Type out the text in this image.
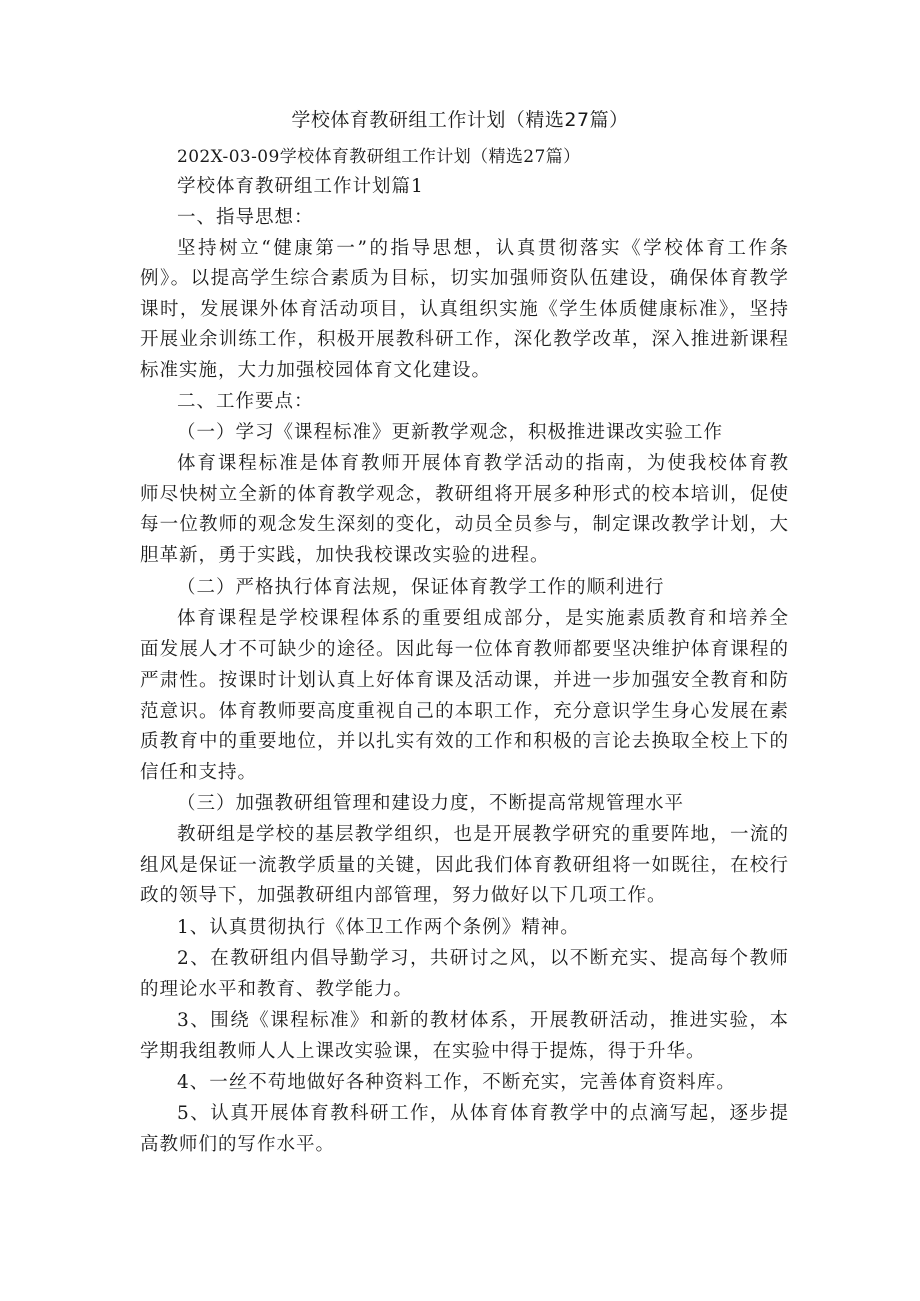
学校体育教研组工作计划（精选27篇）
202X-03-09学校体育教研组工作计划（精选27篇）
学校体育教研组工作计划篇1
一、指导思想：
坚持树立“健康第一”的指导思想，认真贯彻落实《学校体育工作条
例》。以提高学生综合素质为目标，切实加强师资队伍建设，确保体育教学
课时，发展课外体育活动项目，认真组织实施《学生体质健康标准》，坚持
开展业余训练工作，积极开展教科研工作，深化教学改革，深入推进新课程
标准实施，大力加强校园体育文化建设。
二、工作要点：
（一）学习《课程标准》更新教学观念，积极推进课改实验工作
体育课程标准是体育教师开展体育教学活动的指南，为使我校体育教
师尽快树立全新的体育教学观念，教研组将开展多种形式的校本培训，促使
每一位教师的观念发生深刻的变化，动员全员参与，制定课改教学计划，大
胆革新，勇于实践，加快我校课改实验的进程。
（二）严格执行体育法规，保证体育教学工作的顺利进行
体育课程是学校课程体系的重要组成部分，是实施素质教育和培养全
面发展人才不可缺少的途径。因此每一位体育教师都要坚决维护体育课程的
严肃性。按课时计划认真上好体育课及活动课，并进一步加强安全教育和防
范意识。体育教师要高度重视自己的本职工作，充分意识学生身心发展在素
质教育中的重要地位，并以扎实有效的工作和积极的言论去换取全校上下的
信任和支持。
（三）加强教研组管理和建设力度，不断提高常规管理水平
教研组是学校的基层教学组织，也是开展教学研究的重要阵地，一流的
组风是保证一流教学质量的关键，因此我们体育教研组将一如既往，在校行
政的领导下，加强教研组内部管理，努力做好以下几项工作。
1、认真贯彻执行《体卫工作两个条例》精神。
2、在教研组内倡导勤学习，共研讨之风，以不断充实、提高每个教师
的理论水平和教育、教学能力。
3、围绕《课程标准》和新的教材体系，开展教研活动，推进实验，本
学期我组教师人人上课改实验课，在实验中得于提炼，得于升华。
4、一丝不苟地做好各种资料工作，不断充实，完善体育资料库。
5、认真开展体育教科研工作，从体育体育教学中的点滴写起，逐步提
高教师们的写作水平。
